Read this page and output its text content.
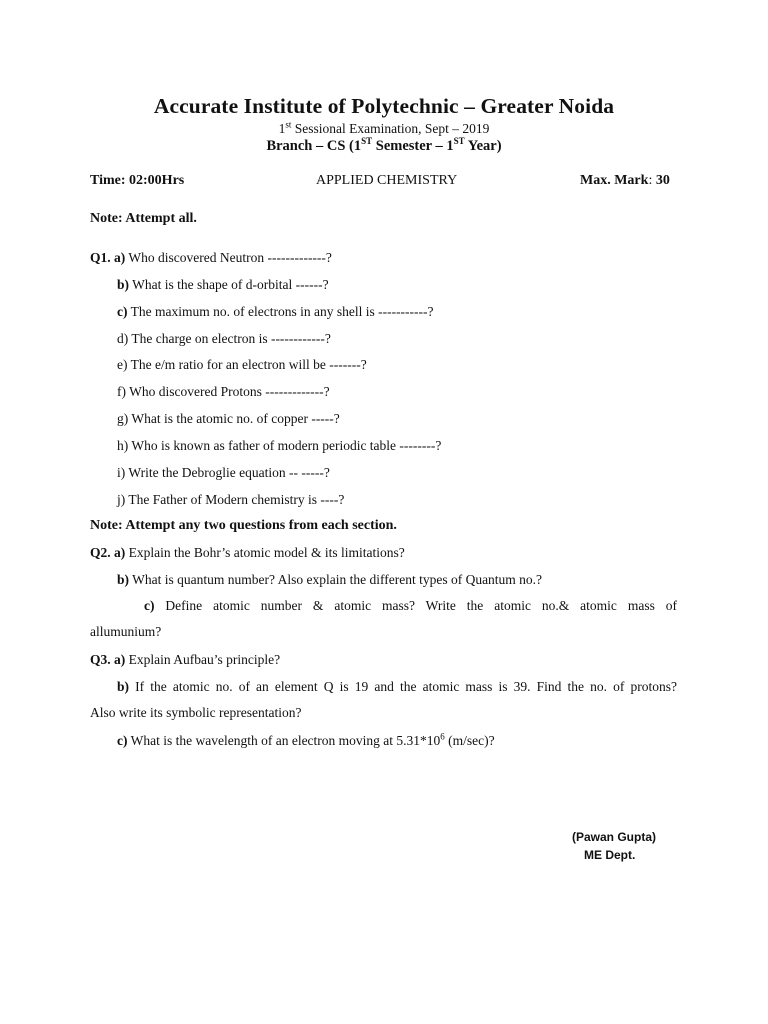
Accurate Institute of Polytechnic – Greater Noida
1st Sessional Examination, Sept – 2019
Branch – CS (1ST Semester – 1ST Year)
Time: 02:00Hrs	APPLIED CHEMISTRY	Max. Mark: 30
Note: Attempt all.
Q1. a) Who discovered Neutron -------------?
b) What is the shape of d-orbital ------?
c) The maximum no. of electrons in any shell is -----------?
d) The charge on electron is ------------?
e) The e/m ratio for an electron will be -------?
f) Who discovered Protons -------------?
g) What is the atomic no. of copper -----?
h) Who is known as father of modern periodic table --------?
i) Write the Debroglie equation -- -----?
j) The Father of Modern chemistry is ----?
Note: Attempt any two questions from each section.
Q2. a) Explain the Bohr’s atomic model & its limitations?
b) What is quantum number? Also explain the different types of Quantum no.?
c) Define atomic number & atomic mass? Write the atomic no.& atomic mass of
allumunium?
Q3. a) Explain Aufbau’s principle?
b) If the atomic no. of an element Q is 19 and the atomic mass is 39. Find the no. of protons?
Also write its symbolic representation?
c) What is the wavelength of an electron moving at $5.31*10^6$ (m/sec)?
(Pawan Gupta)
ME Dept.
